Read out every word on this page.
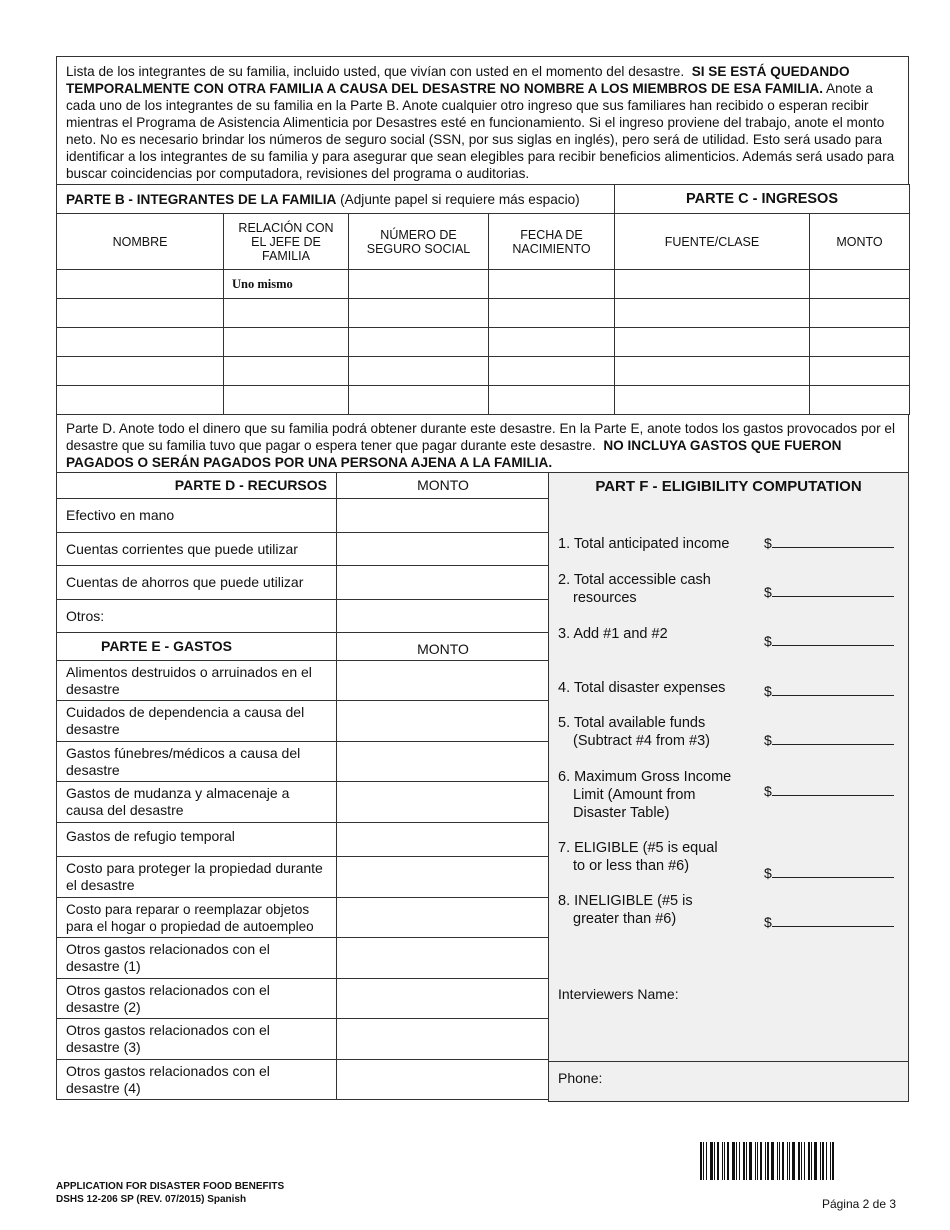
Lista de los integrantes de su familia, incluido usted, que vivían con usted en el momento del desastre. SI SE ESTÁ QUEDANDO TEMPORALMENTE CON OTRA FAMILIA A CAUSA DEL DESASTRE NO NOMBRE A LOS MIEMBROS DE ESA FAMILIA. Anote a cada uno de los integrantes de su familia en la Parte B. Anote cualquier otro ingreso que sus familiares han recibido o esperan recibir mientras el Programa de Asistencia Alimenticia por Desastres esté en funcionamiento. Si el ingreso proviene del trabajo, anote el monto neto. No es necesario brindar los números de seguro social (SSN, por sus siglas en inglés), pero será de utilidad. Esto será usado para identificar a los integrantes de su familia y para asegurar que sean elegibles para recibir beneficios alimenticios. Además será usado para buscar coincidencias por computadora, revisiones del programa o auditorias.
PARTE B - INTEGRANTES DE LA FAMILIA (Adjunte papel si requiere más espacio)				PARTE C - INGRESOS	
NOMBRE	RELACIÓN CON EL JEFE DE FAMILIA	NÚMERO DE SEGURO SOCIAL	FECHA DE NACIMIENTO	FUENTE/CLASE	MONTO
	Uno mismo				

Parte D. Anote todo el dinero que su familia podrá obtener durante este desastre. En la Parte E, anote todos los gastos provocados por el desastre que su familia tuvo que pagar o espera tener que pagar durante este desastre. NO INCLUYA GASTOS QUE FUERON PAGADOS O SERÁN PAGADOS POR UNA PERSONA AJENA A LA FAMILIA.
PARTE D - RECURSOS	MONTO
Efectivo en mano	
Cuentas corrientes que puede utilizar	
Cuentas de ahorros que puede utilizar	
Otros:	
PARTE E - GASTOS	MONTO
Alimentos destruidos o arruinados en el desastre	
Cuidados de dependencia a causa del desastre	
Gastos fúnebres/médicos a causa del desastre	
Gastos de mudanza y almacenaje a causa del desastre	
Gastos de refugio temporal	
Costo para proteger la propiedad durante el desastre	
Costo para reparar o reemplazar objetos para el hogar o propiedad de autoempleo	
Otros gastos relacionados con el desastre (1)	
Otros gastos relacionados con el desastre (2)	
Otros gastos relacionados con el desastre (3)	
Otros gastos relacionados con el desastre (4)	
PART F - ELIGIBILITY COMPUTATION
1. Total anticipated income $
2. Total accessible cash
resources	$
3. Add #1 and #2	$
4. Total disaster expenses	$
5. Total available funds
(Subtract #4 from #3)	$
6. Maximum Gross Income
Limit (Amount from
Disaster Table)
$
7. ELIGIBLE (#5 is equal
to or less than #6)	$
8. INELIGIBLE (#5 is
greater than #6)	$
Interviewers Name:
Phone:
APPLICATION FOR DISASTER FOOD BENEFITS
DSHS 12-206 SP (REV. 07/2015) Spanish	Página 2 de 3
